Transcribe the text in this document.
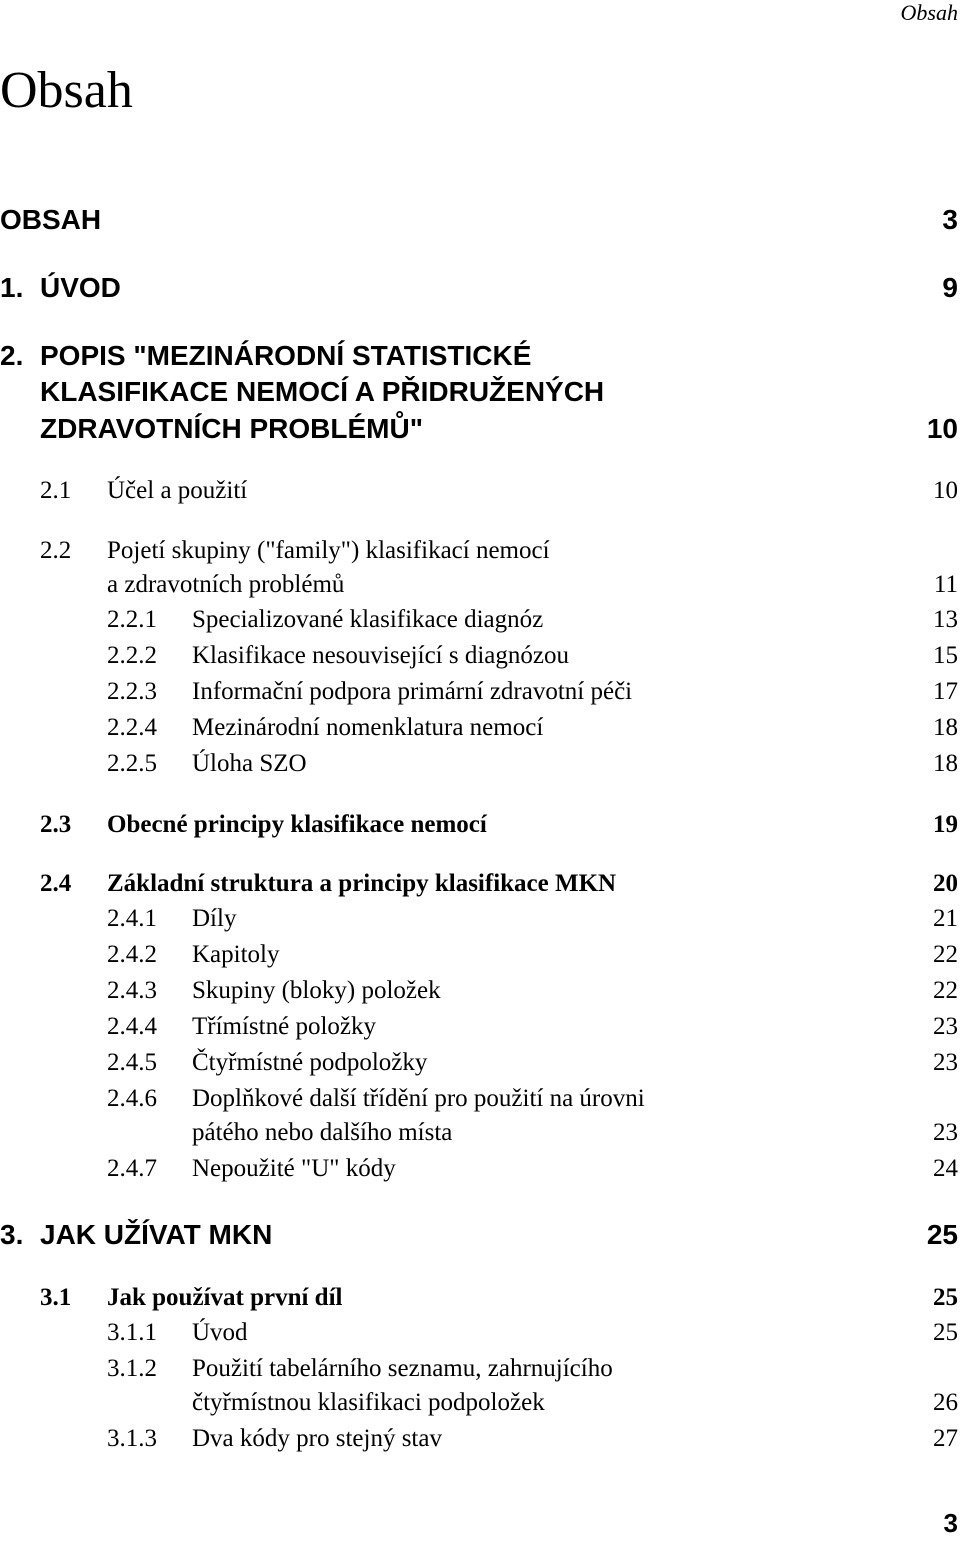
Obsah
Obsah
OBSAH	3
1. ÚVOD	9
2. POPIS "MEZINÁRODNÍ STATISTICKÉ
KLASIFIKACE NEMOCÍ A PŘIDRUŽENÝCH
ZDRAVOTNÍCH PROBLÉMŮ"	10
2.1 Účel a použití	10
2.2 Pojetí skupiny ("family") klasifikací nemocí
a zdravotních problémů	11
2.2.1 Specializované klasifikace diagnóz	13
2.2.2 Klasifikace nesouvisející s diagnózou	15
2.2.3 Informační podpora primární zdravotní péči	17
2.2.4 Mezinárodní nomenklatura nemocí	18
2.2.5 Úloha SZO	18
2.3 Obecné principy klasifikace nemocí	19
2.4 Základní struktura a principy klasifikace MKN	20
2.4.1 Díly	21
2.4.2 Kapitoly	22
2.4.3 Skupiny (bloky) položek	22
2.4.4 Třímístné položky	23
2.4.5 Čtyřmístné podpoložky	23
2.4.6 Doplňkové další třídění pro použití na úrovni
pátého nebo dalšího místa	23
2.4.7 Nepoužité "U" kódy	24
3. JAK UŽÍVAT MKN	25
3.1 Jak používat první díl	25
3.1.1 Úvod	25
3.1.2 Použití tabelárního seznamu, zahrnujícího
čtyřmístnou klasifikaci podpoložek	26
3.1.3 Dva kódy pro stejný stav	27
3
